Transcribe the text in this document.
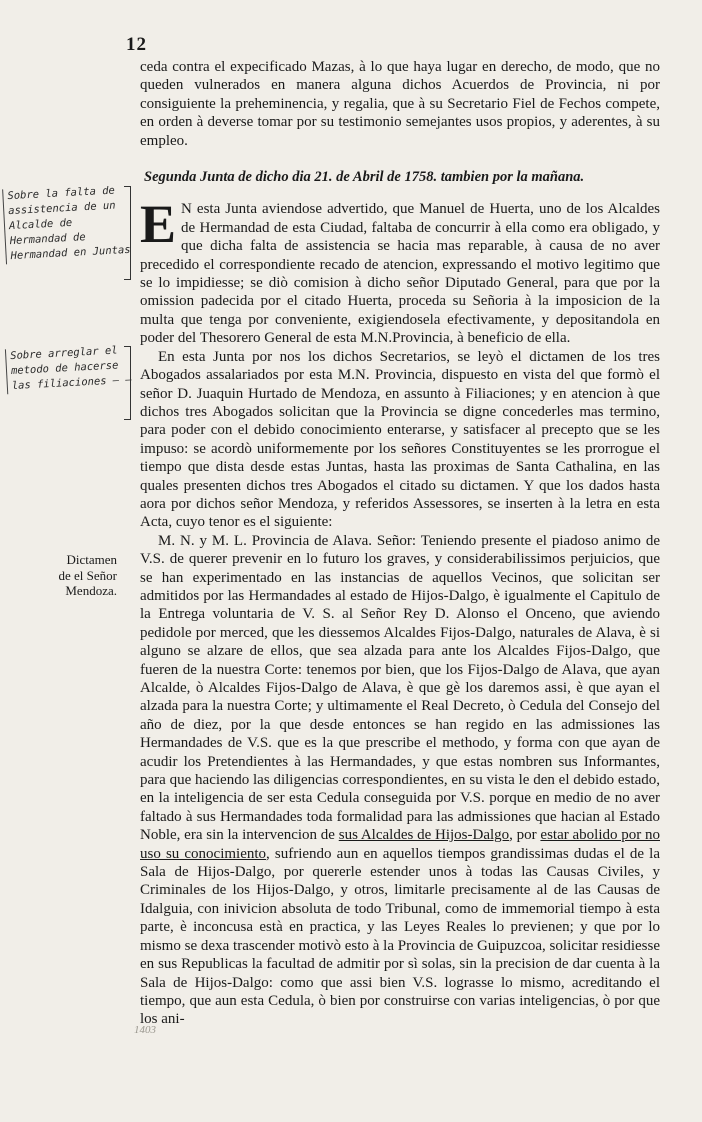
12
Sobre la falta de assistencia de un Alcalde de Hermandad de Hermandad en Juntas
Sobre arreglar el metodo de hacerse las filiaciones — —
Dictamen de el Señor Mendoza.

ceda contra el expecificado Mazas, à lo que haya lugar en derecho, de modo, que no queden vulnerados en manera alguna dichos Acuerdos de Provincia, ni por consiguiente la preheminencia, y regalia, que à su Secretario Fiel de Fechos compete, en orden à deverse tomar por su testimonio semejantes usos propios, y aderentes, à su empleo.

Segunda Junta de dicho dia 21. de Abril de 1758. tambien por la mañana.

E N esta Junta aviendose advertido, que Manuel de Huerta, uno de los Alcaldes de Hermandad de esta Ciudad, faltaba de concurrir à ella como era obligado, y que dicha falta de assistencia se hacia mas reparable, à causa de no aver precedido el correspondiente recado de atencion, expressando el motivo legitimo que se lo impidiesse; se diò comision à dicho señor Diputado General, para que por la omission padecida por el citado Huerta, proceda su Señoria à la imposicion de la multa que tenga por conveniente, exigiendosela efectivamente, y depositandola en poder del Thesorero General de esta M.N.Provincia, à beneficio de ella.

En esta Junta por nos los dichos Secretarios, se leyò el dictamen de los tres Abogados assalariados por esta M.N. Provincia, dispuesto en vista del que formò el señor D. Juaquin Hurtado de Mendoza, en assunto à Filiaciones; y en atencion à que dichos tres Abogados solicitan que la Provincia se digne concederles mas termino, para poder con el debido conocimiento enterarse, y satisfacer al precepto que se les impuso: se acordò uniformemente por los señores Constituyentes se les prorrogue el tiempo que dista desde estas Juntas, hasta las proximas de Santa Cathalina, en las quales presenten dichos tres Abogados el citado su dictamen. Y que los dados hasta aora por dichos señor Mendoza, y referidos Assessores, se inserten à la letra en esta Acta, cuyo tenor es el siguiente:

M. N. y M. L. Provincia de Alava. Señor: Teniendo presente el piadoso animo de V.S. de querer prevenir en lo futuro los graves, y considerabilissimos perjuicios, que se han experimentado en las instancias de aquellos Vecinos, que solicitan ser admitidos por las Hermandades al estado de Hijos-Dalgo, è igualmente el Capitulo de la Entrega voluntaria de V. S. al Señor Rey D. Alonso el Onceno, que aviendo pedidole por merced, que les diessemos Alcaldes Fijos-Dalgo, naturales de Alava, è si alguno se alzare de ellos, que sea alzada para ante los Alcaldes Fijos-Dalgo, que fueren de la nuestra Corte: tenemos por bien, que los Fijos-Dalgo de Alava, que ayan Alcalde, ò Alcaldes Fijos-Dalgo de Alava, è que gè los daremos assi, è que ayan el alzada para la nuestra Corte; y ultimamente el Real Decreto, ò Cedula del Consejo del año de diez, por la que desde entonces se han regido en las admissiones las Hermandades de V.S. que es la que prescribe el methodo, y forma con que ayan de acudir los Pretendientes à las Hermandades, y que estas nombren sus Informantes, para que haciendo las diligencias correspondientes, en su vista le den el debido estado, en la inteligencia de ser esta Cedula conseguida por V.S. porque en medio de no aver faltado à sus Hermandades toda formalidad para las admissiones que hacian al Estado Noble, era sin la intervencion de sus Alcaldes de Hijos-Dalgo, por estar abolido por no uso su conocimiento, sufriendo aun en aquellos tiempos grandissimas dudas el de la Sala de Hijos-Dalgo, por quererle estender unos à todas las Causas Civiles, y Criminales de los Hijos-Dalgo, y otros, limitarle precisamente al de las Causas de Idalguia, con inivicion absoluta de todo Tribunal, como de immemorial tiempo à esta parte, è inconcusa està en practica, y las Leyes Reales lo previenen; y que por lo mismo se dexa trascender motivò esto à la Provincia de Guipuzcoa, solicitar residiesse en sus Republicas la facultad de admitir por sì solas, sin la precision de dar cuenta à la Sala de Hijos-Dalgo: como que assi bien V.S. lograsse lo mismo, acreditando el tiempo, que aun esta Cedula, ò bien por construirse con varias inteligencias, ò por que los ani-

1403
